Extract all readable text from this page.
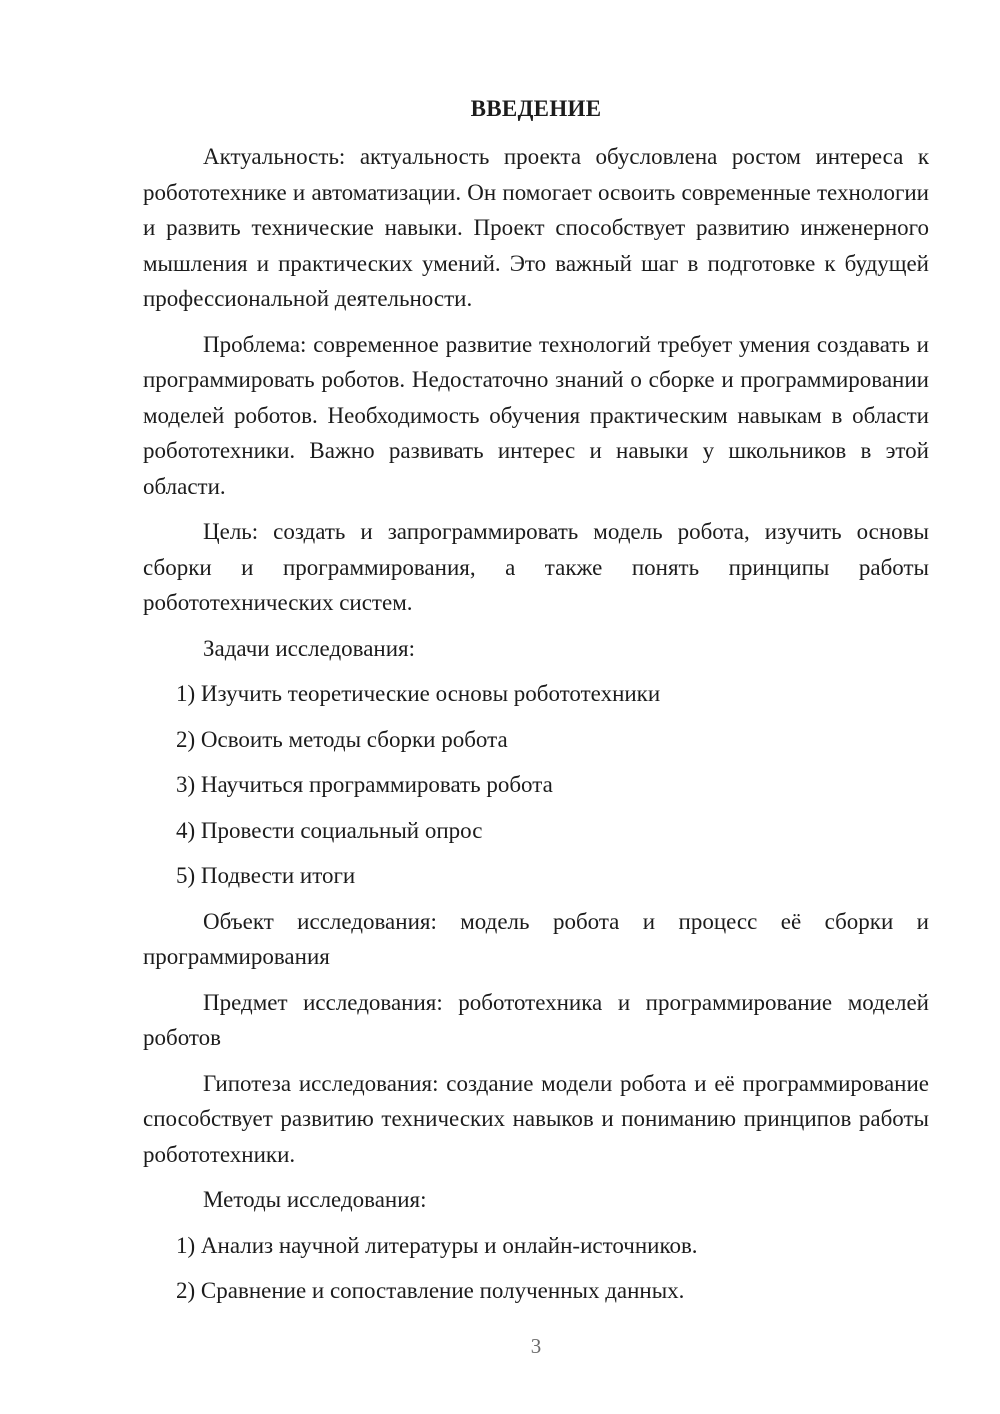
ВВЕДЕНИЕ

Актуальность: актуальность проекта обусловлена ростом интереса к робототехнике и автоматизации. Он помогает освоить современные технологии и развить технические навыки. Проект способствует развитию инженерного мышления и практических умений. Это важный шаг в подготовке к будущей профессиональной деятельности.

Проблема: современное развитие технологий требует умения создавать и программировать роботов. Недостаточно знаний о сборке и программировании моделей роботов. Необходимость обучения практическим навыкам в области робототехники. Важно развивать интерес и навыки у школьников в этой области.

Цель: создать и запрограммировать модель робота, изучить основы сборки и программирования, а также понять принципы работы робототехнических систем.

Задачи исследования:

1) Изучить теоретические основы робототехники

2) Освоить методы сборки робота

3) Научиться программировать робота

4) Провести социальный опрос

5) Подвести итоги

Объект исследования: модель робота и процесс её сборки и программирования

Предмет исследования: робототехника и программирование моделей роботов

Гипотеза исследования: создание модели робота и её программирование способствует развитию технических навыков и пониманию принципов работы робототехники.

Методы исследования:

1) Анализ научной литературы и онлайн-источников.

2) Сравнение и сопоставление полученных данных.

3
